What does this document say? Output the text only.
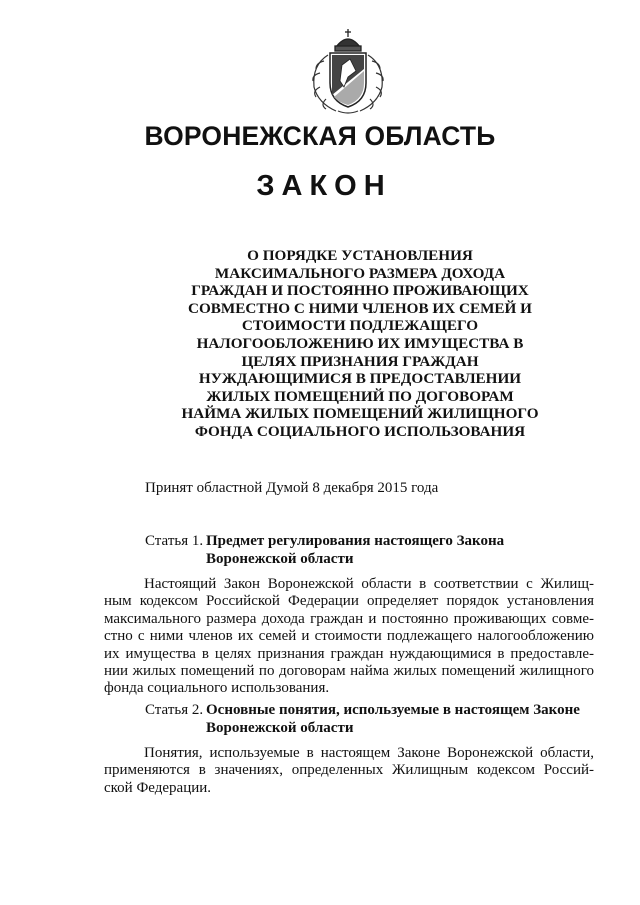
ВОРОНЕЖСКАЯ ОБЛАСТЬ
ЗАКОН
О ПОРЯДКЕ УСТАНОВЛЕНИЯ
МАКСИМАЛЬНОГО РАЗМЕРА ДОХОДА
ГРАЖДАН И ПОСТОЯННО ПРОЖИВАЮЩИХ
СОВМЕСТНО С НИМИ ЧЛЕНОВ ИХ СЕМЕЙ И
СТОИМОСТИ ПОДЛЕЖАЩЕГО
НАЛОГООБЛОЖЕНИЮ ИХ ИМУЩЕСТВА В
ЦЕЛЯХ ПРИЗНАНИЯ ГРАЖДАН
НУЖДАЮЩИМИСЯ В ПРЕДОСТАВЛЕНИИ
ЖИЛЫХ ПОМЕЩЕНИЙ ПО ДОГОВОРАМ
НАЙМА ЖИЛЫХ ПОМЕЩЕНИЙ ЖИЛИЩНОГО
ФОНДА СОЦИАЛЬНОГО ИСПОЛЬЗОВАНИЯ
Принят областной Думой 8 декабря 2015 года
Статья 1. Предмет регулирования настоящего Закона
Воронежской области
Настоящий Закон Воронежской области в соответствии с Жилищ-
ным кодексом Российской Федерации определяет порядок установления
максимального размера дохода граждан и постоянно проживающих совме-
стно с ними членов их семей и стоимости подлежащего налогообложению
их имущества в целях признания граждан нуждающимися в предоставле-
нии жилых помещений по договорам найма жилых помещений жилищного
фонда социального использования.
Статья 2. Основные понятия, используемые в настоящем Законе
Воронежской области
Понятия, используемые в настоящем Законе Воронежской области,
применяются в значениях, определенных Жилищным кодексом Россий-
ской Федерации.
